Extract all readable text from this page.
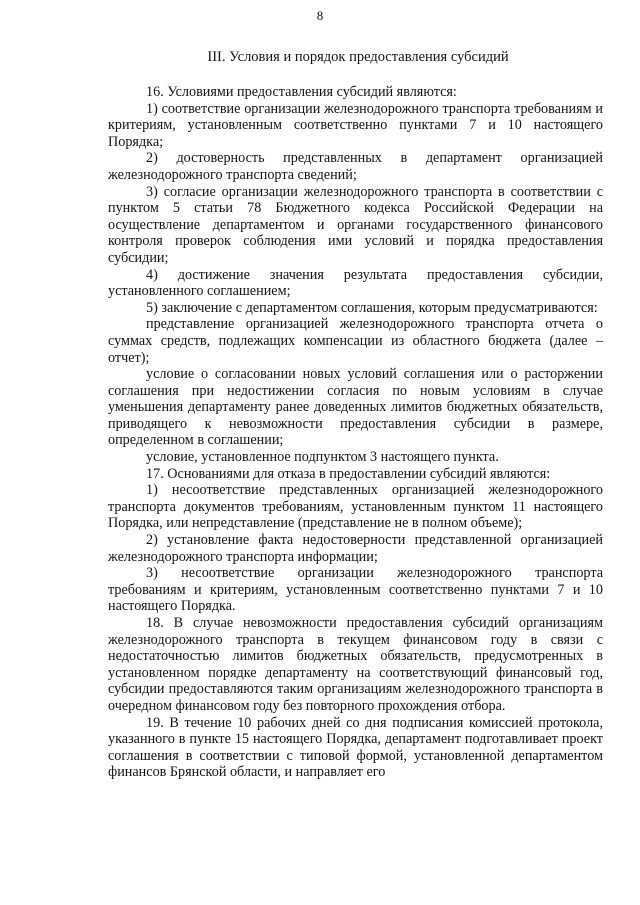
8
III. Условия и порядок предоставления субсидий

16. Условиями предоставления субсидий являются:

1) соответствие организации железнодорожного транспорта требованиям и критериям, установленным соответственно пунктами 7 и 10 настоящего Порядка;

2) достоверность представленных в департамент организацией железнодорожного транспорта сведений;

3) согласие организации железнодорожного транспорта в соответствии с пунктом 5 статьи 78 Бюджетного кодекса Российской Федерации на осуществление департаментом и органами государственного финансового контроля проверок соблюдения ими условий и порядка предоставления субсидии;

4) достижение значения результата предоставления субсидии, установленного соглашением;

5) заключение с департаментом соглашения, которым предусматриваются:

представление организацией железнодорожного транспорта отчета о суммах средств, подлежащих компенсации из областного бюджета (далее – отчет);

условие о согласовании новых условий соглашения или о расторжении соглашения при недостижении согласия по новым условиям в случае уменьшения департаменту ранее доведенных лимитов бюджетных обязательств, приводящего к невозможности предоставления субсидии в размере, определенном в соглашении;

условие, установленное подпунктом 3 настоящего пункта.

17. Основаниями для отказа в предоставлении субсидий являются:

1) несоответствие представленных организацией железнодорожного транспорта документов требованиям, установленным пунктом 11 настоящего Порядка, или непредставление (представление не в полном объеме);

2) установление факта недостоверности представленной организацией железнодорожного транспорта информации;

3) несоответствие организации железнодорожного транспорта требованиям и критериям, установленным соответственно пунктами 7 и 10 настоящего Порядка.

18. В случае невозможности предоставления субсидий организациям железнодорожного транспорта в текущем финансовом году в связи с недостаточностью лимитов бюджетных обязательств, предусмотренных в установленном порядке департаменту на соответствующий финансовый год, субсидии предоставляются таким организациям железнодорожного транспорта в очередном финансовом году без повторного прохождения отбора.

19. В течение 10 рабочих дней со дня подписания комиссией протокола, указанного в пункте 15 настоящего Порядка, департамент подготавливает проект соглашения в соответствии с типовой формой, установленной департаментом финансов Брянской области, и направляет его
